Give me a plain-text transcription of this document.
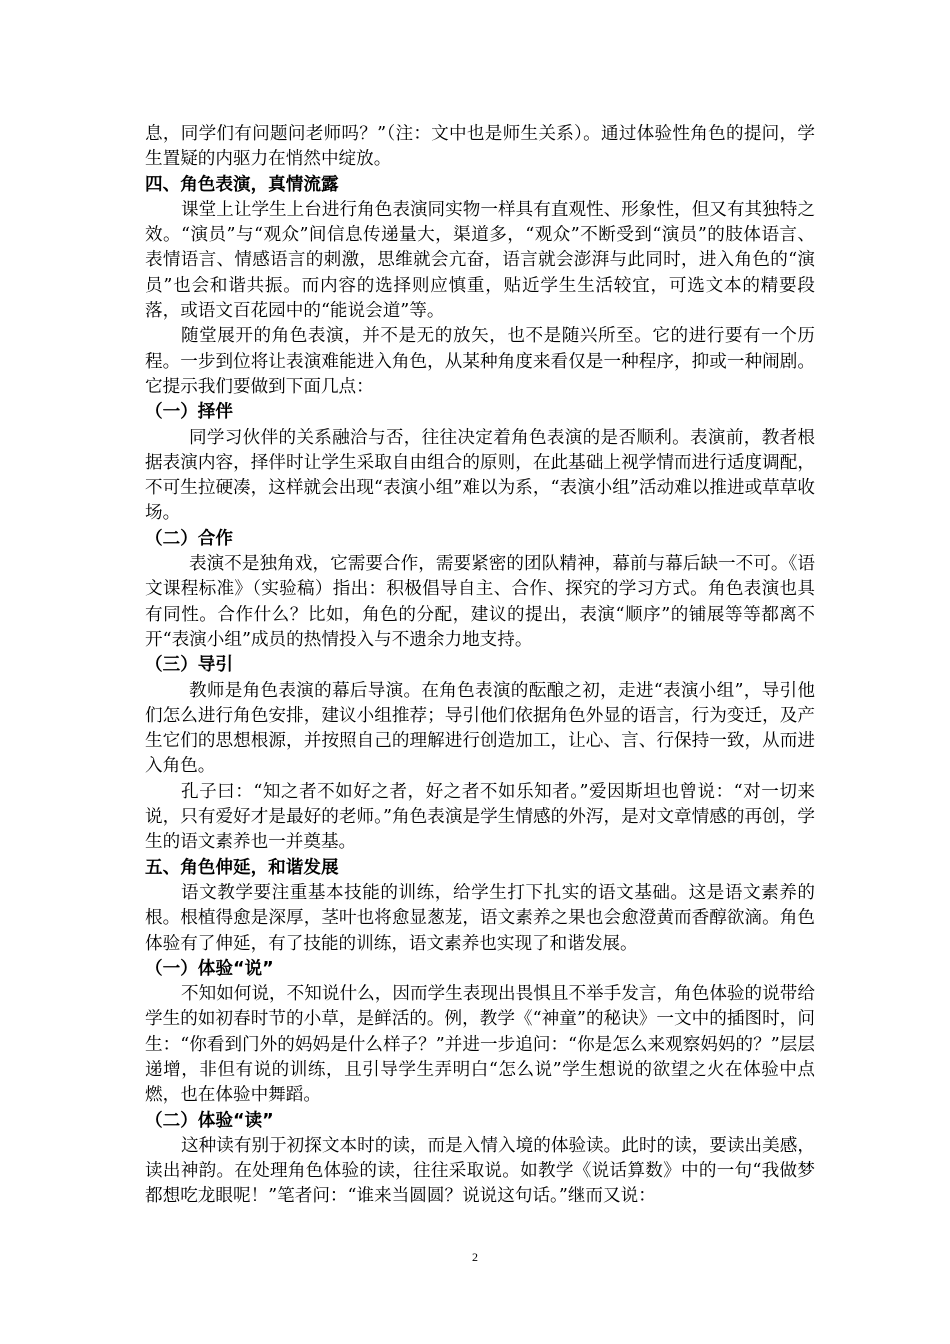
息，同学们有问题问老师吗？”（注：文中也是师生关系）。通过体验性角色的提问，学生置疑的内驱力在悄然中绽放。

四、角色表演，真情流露

课堂上让学生上台进行角色表演同实物一样具有直观性、形象性，但又有其独特之效。“演员”与“观众”间信息传递量大，渠道多，“观众”不断受到“演员”的肢体语言、表情语言、情感语言的刺激，思维就会亢奋，语言就会澎湃与此同时，进入角色的“演员”也会和谐共振。而内容的选择则应慎重，贴近学生生活较宜，可选文本的精要段落，或语文百花园中的“能说会道”等。

随堂展开的角色表演，并不是无的放矢，也不是随兴所至。它的进行要有一个历程。一步到位将让表演难能进入角色，从某种角度来看仅是一种程序，抑或一种闹剧。它提示我们要做到下面几点：

（一）择伴

同学习伙伴的关系融洽与否，往往决定着角色表演的是否顺利。表演前，教者根据表演内容，择伴时让学生采取自由组合的原则，在此基础上视学情而进行适度调配，不可生拉硬凑，这样就会出现“表演小组”难以为系，“表演小组”活动难以推进或草草收场。

（二）合作

表演不是独角戏，它需要合作，需要紧密的团队精神，幕前与幕后缺一不可。《语文课程标准》（实验稿）指出：积极倡导自主、合作、探究的学习方式。角色表演也具有同性。合作什么？比如，角色的分配，建议的提出，表演“顺序”的铺展等等都离不开“表演小组”成员的热情投入与不遗余力地支持。

（三）导引

教师是角色表演的幕后导演。在角色表演的酝酿之初，走进“表演小组”，导引他们怎么进行角色安排，建议小组推荐；导引他们依据角色外显的语言，行为变迁，及产生它们的思想根源，并按照自己的理解进行创造加工，让心、言、行保持一致，从而进入角色。

孔子曰：“知之者不如好之者，好之者不如乐知者。”爱因斯坦也曾说：“对一切来说，只有爱好才是最好的老师。”角色表演是学生情感的外泻，是对文章情感的再创，学生的语文素养也一并奠基。

五、角色伸延，和谐发展

语文教学要注重基本技能的训练，给学生打下扎实的语文基础。这是语文素养的根。根植得愈是深厚，茎叶也将愈显葱茏，语文素养之果也会愈澄黄而香醇欲滴。角色体验有了伸延，有了技能的训练，语文素养也实现了和谐发展。

（一）体验“说”

不知如何说，不知说什么，因而学生表现出畏惧且不举手发言，角色体验的说带给学生的如初春时节的小草，是鲜活的。例，教学《“神童”的秘诀》一文中的插图时，问生：“你看到门外的妈妈是什么样子？”并进一步追问：“你是怎么来观察妈妈的？”层层递增，非但有说的训练，且引导学生弄明白“怎么说”学生想说的欲望之火在体验中点燃，也在体验中舞蹈。

（二）体验“读”

这种读有别于初探文本时的读，而是入情入境的体验读。此时的读，要读出美感，读出神韵。在处理角色体验的读，往往采取说。如教学《说话算数》中的一句“我做梦都想吃龙眼呢！”笔者问：“谁来当圆圆？说说这句话。”继而又说：

2
